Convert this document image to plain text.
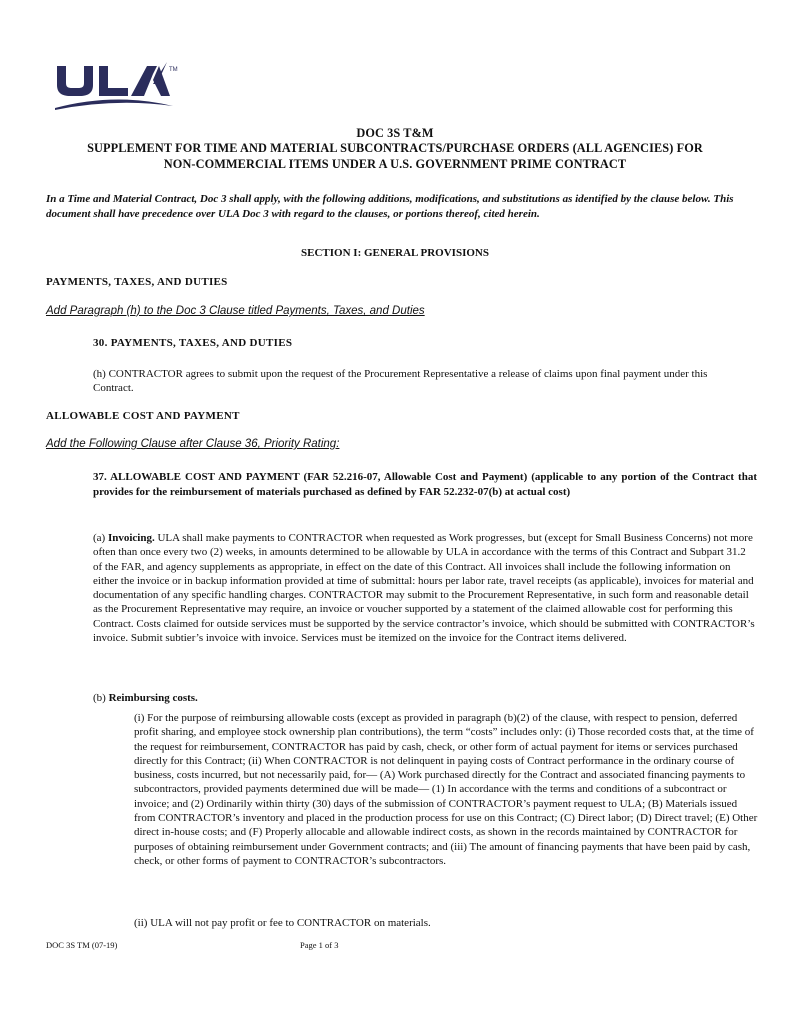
TM
DOC 3S T&M
SUPPLEMENT FOR TIME AND MATERIAL SUBCONTRACTS/PURCHASE ORDERS (ALL AGENCIES) FOR
NON-COMMERCIAL ITEMS UNDER A U.S. GOVERNMENT PRIME CONTRACT
In a Time and Material Contract, Doc 3 shall apply, with the following additions, modifications, and substitutions as identified by the clause below. This document shall have precedence over ULA Doc 3 with regard to the clauses, or portions thereof, cited herein.
SECTION I: GENERAL PROVISIONS
PAYMENTS, TAXES, AND DUTIES
Add Paragraph (h) to the Doc 3 Clause titled Payments, Taxes, and Duties
30. PAYMENTS, TAXES, AND DUTIES
(h) CONTRACTOR agrees to submit upon the request of the Procurement Representative a release of claims upon final payment under this Contract.
ALLOWABLE COST AND PAYMENT
Add the Following Clause after Clause 36, Priority Rating:
37. ALLOWABLE COST AND PAYMENT (FAR 52.216-07, Allowable Cost and Payment) (applicable to any portion of the Contract that provides for the reimbursement of materials purchased as defined by FAR 52.232-07(b) at actual cost)
(a) Invoicing. ULA shall make payments to CONTRACTOR when requested as Work progresses, but (except for Small Business Concerns) not more often than once every two (2) weeks, in amounts determined to be allowable by ULA in accordance with the terms of this Contract and Subpart 31.2 of the FAR, and agency supplements as appropriate, in effect on the date of this Contract. All invoices shall include the following information on either the invoice or in backup information provided at time of submittal: hours per labor rate, travel receipts (as applicable), invoices for material and documentation of any specific handling charges. CONTRACTOR may submit to the Procurement Representative, in such form and reasonable detail as the Procurement Representative may require, an invoice or voucher supported by a statement of the claimed allowable cost for performing this Contract. Costs claimed for outside services must be supported by the service contractor’s invoice, which should be submitted with CONTRACTOR’s invoice. Submit subtier’s invoice with invoice. Services must be itemized on the invoice for the Contract items delivered.
(b) Reimbursing costs.
(i) For the purpose of reimbursing allowable costs (except as provided in paragraph (b)(2) of the clause, with respect to pension, deferred profit sharing, and employee stock ownership plan contributions), the term “costs” includes only: (i) Those recorded costs that, at the time of the request for reimbursement, CONTRACTOR has paid by cash, check, or other form of actual payment for items or services purchased directly for this Contract; (ii) When CONTRACTOR is not delinquent in paying costs of Contract performance in the ordinary course of business, costs incurred, but not necessarily paid, for— (A) Work purchased directly for the Contract and associated financing payments to subcontractors, provided payments determined due will be made— (1) In accordance with the terms and conditions of a subcontract or invoice; and (2) Ordinarily within thirty (30) days of the submission of CONTRACTOR’s payment request to ULA; (B) Materials issued from CONTRACTOR’s inventory and placed in the production process for use on this Contract; (C) Direct labor; (D) Direct travel; (E) Other direct in-house costs; and (F) Properly allocable and allowable indirect costs, as shown in the records maintained by CONTRACTOR for purposes of obtaining reimbursement under Government contracts; and (iii) The amount of financing payments that have been paid by cash, check, or other forms of payment to CONTRACTOR’s subcontractors.
(ii) ULA will not pay profit or fee to CONTRACTOR on materials.
DOC 3S TM (07-19)	Page 1 of 3
